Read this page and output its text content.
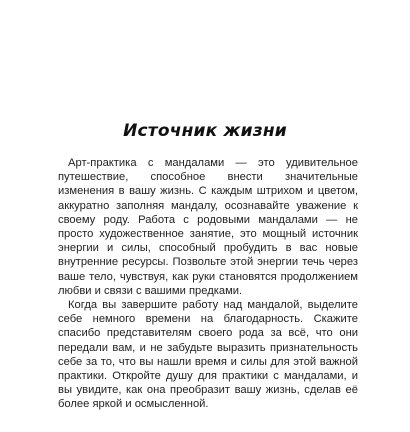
Источник жизни

Арт-практика с мандалами — это удивительное путешествие, способное внести значительные изменения в вашу жизнь. С каждым штрихом и цветом, аккуратно заполняя мандалу, осознавайте уважение к своему роду. Работа с родовыми мандалами — не просто художественное занятие, это мощный источник энергии и силы, способный пробудить в вас новые внутренние ресурсы. Позвольте этой энергии течь через ваше тело, чувствуя, как руки становятся продолжением любви и связи с вашими предками.

Когда вы завершите работу над мандалой, выделите себе немного времени на благодарность. Скажите спасибо представителям своего рода за всё, что они передали вам, и не забудьте выразить признательность себе за то, что вы нашли время и силы для этой важной практики. Откройте душу для практики с мандалами, и вы увидите, как она преобразит вашу жизнь, сделав её более яркой и осмысленной.
